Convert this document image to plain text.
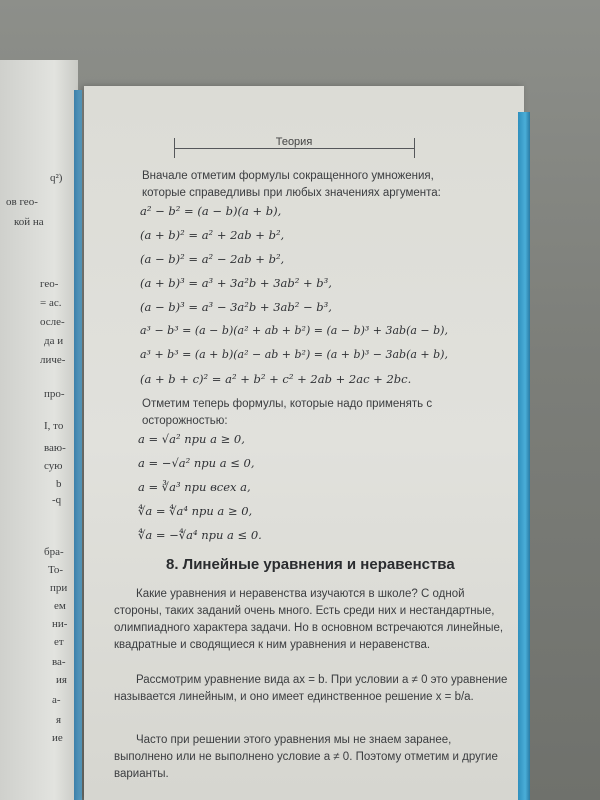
q²)
ов гео-
кой на
геo-
= ас.
осле-
да и
личе-
про-
I, то
ваю-
сую
b
-q
бра-
То-
при
ем
ни-
ет
ва-
ия
а-
я
ие
Теория
Вначале отметим формулы сокращенного умножения, которые справедливы при любых значениях аргумента:
a² − b² = (a − b)(a + b),
(a + b)² = a² + 2ab + b²,
(a − b)² = a² − 2ab + b²,
(a + b)³ = a³ + 3a²b + 3ab² + b³,
(a − b)³ = a³ − 3a²b + 3ab² − b³,
a³ − b³ = (a − b)(a² + ab + b²) = (a − b)³ + 3ab(a − b),
a³ + b³ = (a + b)(a² − ab + b²) = (a + b)³ − 3ab(a + b),
(a + b + c)² = a² + b² + c² + 2ab + 2ac + 2bc.
Отметим теперь формулы, которые надо применять с осторожностью:
a = √a² при a ≥ 0,
a = −√a² при a ≤ 0,
a = ∛a³ при всех a,
∜a = ∜a⁴ при a ≥ 0,
∜a = −∜a⁴ при a ≤ 0.
8. Линейные уравнения и неравенства
Какие уравнения и неравенства изучаются в школе? С одной стороны, таких заданий очень много. Есть среди них и нестандартные, олимпиадного характера задачи. Но в основном встречаются линейные, квадратные и сводящиеся к ним уравнения и неравенства.
Рассмотрим уравнение вида ax = b. При условии a ≠ 0 это уравнение называется линейным, и оно имеет единственное решение x = b/a.
Часто при решении этого уравнения мы не знаем заранее, выполнено или не выполнено условие a ≠ 0. Поэтому отметим и другие варианты.
